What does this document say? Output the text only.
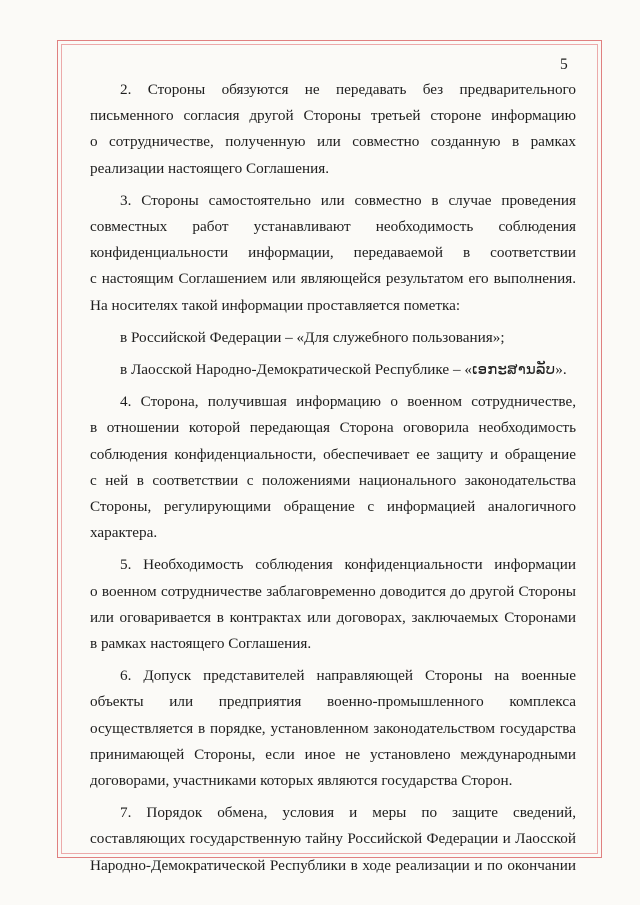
5

2. Стороны обязуются не передавать без предварительного
письменного согласия другой Стороны третьей стороне информацию
о сотрудничестве, полученную или совместно созданную в рамках
реализации настоящего Соглашения.

3. Стороны самостоятельно или совместно в случае проведения
совместных работ устанавливают необходимость соблюдения
конфиденциальности информации, передаваемой в соответствии
с настоящим Соглашением или являющейся результатом его выполнения.
На носителях такой информации проставляется пометка:

в Российской Федерации – «Для служебного пользования»;

в Лаосской Народно-Демократической Республике – «ເອກະສານລັບ».

4. Сторона, получившая информацию о военном сотрудничестве,
в отношении которой передающая Сторона оговорила необходимость
соблюдения конфиденциальности, обеспечивает ее защиту и обращение
с ней в соответствии с положениями национального законодательства
Стороны, регулирующими обращение с информацией аналогичного
характера.

5. Необходимость соблюдения конфиденциальности информации
о военном сотрудничестве заблаговременно доводится до другой Стороны
или оговаривается в контрактах или договорах, заключаемых Сторонами
в рамках настоящего Соглашения.

6. Допуск представителей направляющей Стороны на военные
объекты или предприятия военно-промышленного комплекса
осуществляется в порядке, установленном законодательством государства
принимающей Стороны, если иное не установлено международными
договорами, участниками которых являются государства Сторон.

7. Порядок обмена, условия и меры по защите сведений,
составляющих государственную тайну Российской Федерации и Лаосской
Народно-Демократической Республики в ходе реализации и по окончании
